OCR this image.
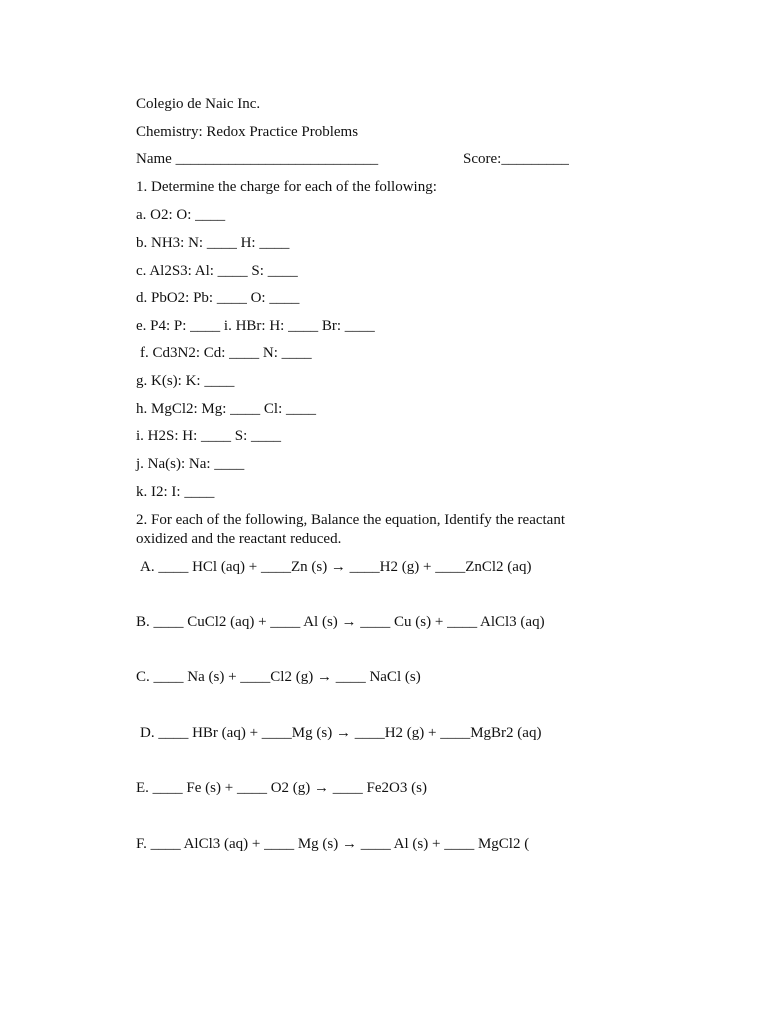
Colegio de Naic Inc.
Chemistry: Redox Practice Problems
Name ___________________________	Score:_________
1. Determine the charge for each of the following:
a. O2: O: ____
b. NH3: N: ____ H: ____
c. Al2S3: Al: ____ S: ____
d. PbO2: Pb: ____ O: ____
e. P4: P: ____ i. HBr: H: ____ Br: ____
f. Cd3N2: Cd: ____ N: ____
g. K(s): K: ____
h. MgCl2: Mg: ____ Cl: ____
i. H2S: H: ____ S: ____
j. Na(s): Na: ____
k. I2: I: ____
2. For each of the following, Balance the equation, Identify the reactant
oxidized and the reactant reduced.
A. ____ HCl (aq) + ____Zn (s) → ____H2 (g) + ____ZnCl2 (aq)
B. ____ CuCl2 (aq) + ____ Al (s) → ____ Cu (s) + ____ AlCl3 (aq)
C. ____ Na (s) + ____Cl2 (g) → ____ NaCl (s)
D. ____ HBr (aq) + ____Mg (s) → ____H2 (g) + ____MgBr2 (aq)
E. ____ Fe (s) + ____ O2 (g) → ____ Fe2O3 (s)
F. ____ AlCl3 (aq) + ____ Mg (s) → ____ Al (s) + ____ MgCl2 (
